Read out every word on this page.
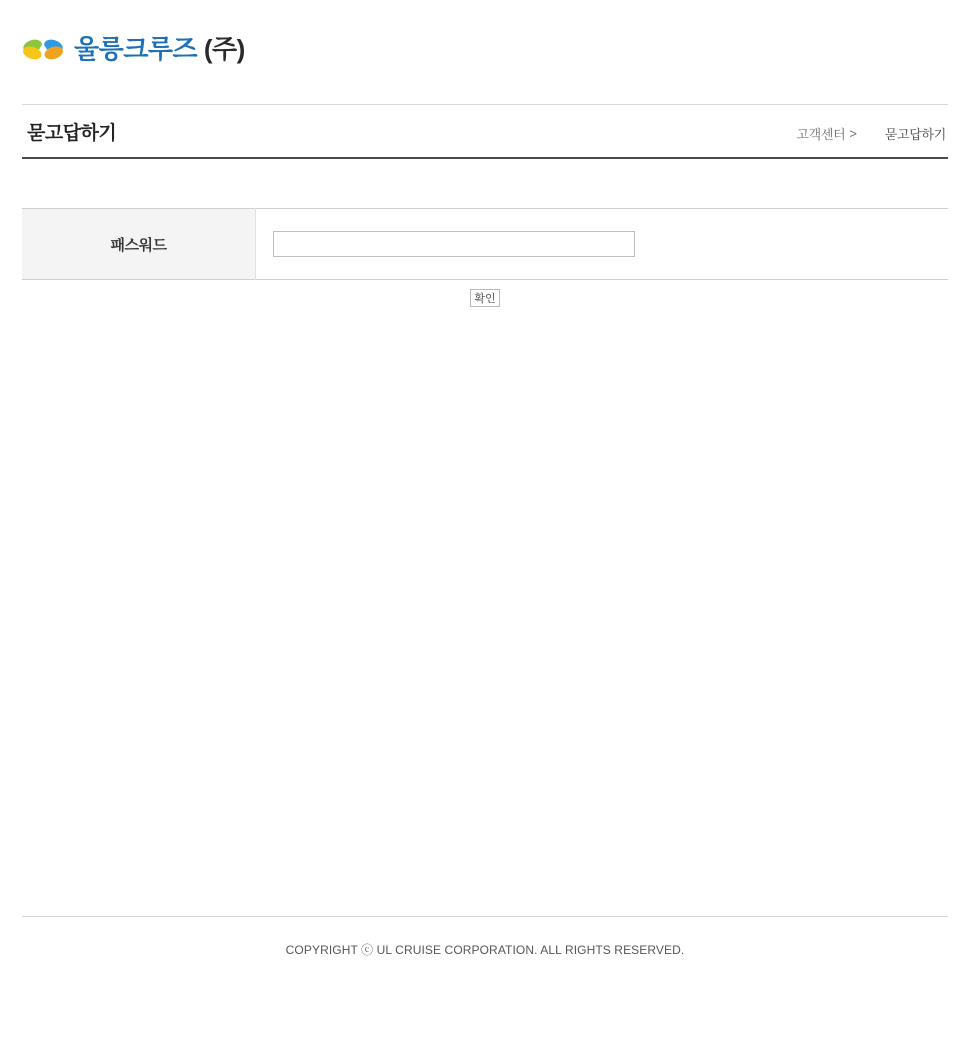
울릉크루즈 (주)
묻고답하기	고객센터 > 묻고답하기
패스워드	
확인
COPYRIGHT ⓒ UL CRUISE CORPORATION. ALL RIGHTS RESERVED.
